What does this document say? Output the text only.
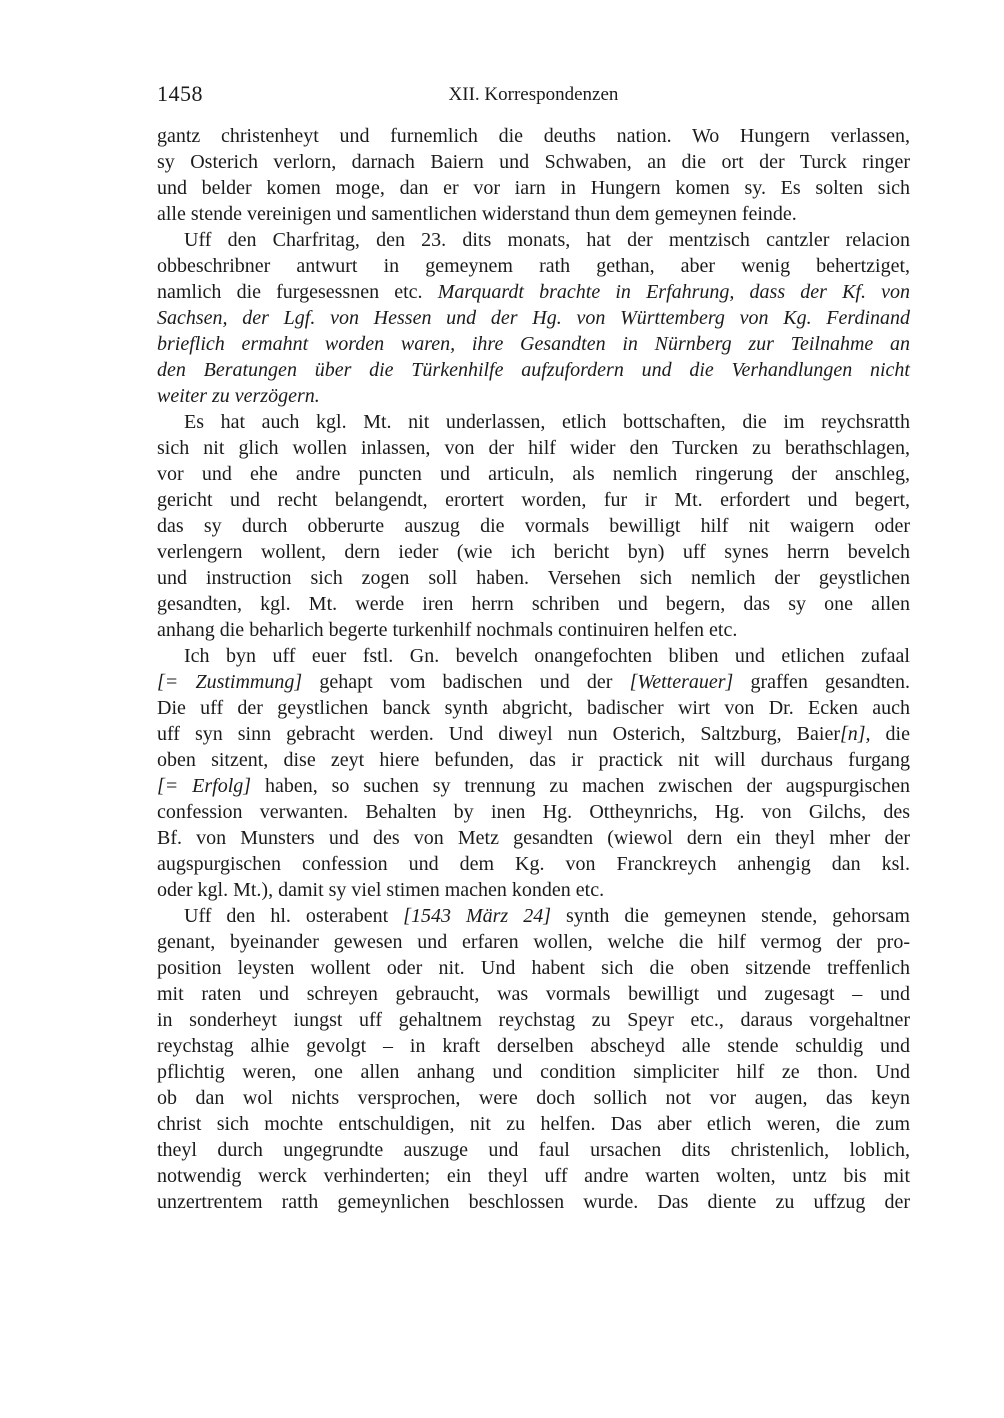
1458	XII. Korrespondenzen

gantz christenheyt und furnemlich die deuths nation. Wo Hungern verlassen,
sy Osterich verlorn, darnach Baiern und Schwaben, an die ort der Turck ringer
und belder komen moge, dan er vor iarn in Hungern komen sy. Es solten sich
alle stende vereinigen und samentlichen widerstand thun dem gemeynen feinde.

Uff den Charfritag, den 23. dits monats, hat der mentzisch cantzler relacion
obbeschribner antwurt in gemeynem rath gethan, aber wenig behertziget,
namlich die furgesessnen etc. Marquardt brachte in Erfahrung, dass der Kf. von
Sachsen, der Lgf. von Hessen und der Hg. von Württemberg von Kg. Ferdinand
brieflich ermahnt worden waren, ihre Gesandten in Nürnberg zur Teilnahme an
den Beratungen über die Türkenhilfe aufzufordern und die Verhandlungen nicht
weiter zu verzögern.

Es hat auch kgl. Mt. nit underlassen, etlich bottschaften, die im reychsratth
sich nit glich wollen inlassen, von der hilf wider den Turcken zu berathschlagen,
vor und ehe andre puncten und articuln, als nemlich ringerung der anschleg,
gericht und recht belangendt, erortert worden, fur ir Mt. erfordert und begert,
das sy durch obberurte auszug die vormals bewilligt hilf nit waigern oder
verlengern wollent, dern ieder (wie ich bericht byn) uff synes herrn bevelch
und instruction sich zogen soll haben. Versehen sich nemlich der geystlichen
gesandten, kgl. Mt. werde iren herrn schriben und begern, das sy one allen
anhang die beharlich begerte turkenhilf nochmals continuiren helfen etc.

Ich byn uff euer fstl. Gn. bevelch onangefochten bliben und etlichen zufaal
[= Zustimmung] gehapt vom badischen und der [Wetterauer] graffen gesandten.
Die uff der geystlichen banck synth abgricht, badischer wirt von Dr. Ecken auch
uff syn sinn gebracht werden. Und diweyl nun Osterich, Saltzburg, Baier[n], die
oben sitzent, dise zeyt hiere befunden, das ir practick nit will durchaus furgang
[= Erfolg] haben, so suchen sy trennung zu machen zwischen der augspurgischen
confession verwanten. Behalten by inen Hg. Ottheynrichs, Hg. von Gilchs, des
Bf. von Munsters und des von Metz gesandten (wiewol dern ein theyl mher der
augspurgischen confession und dem Kg. von Franckreych anhengig dan ksl.
oder kgl. Mt.), damit sy viel stimen machen konden etc.

Uff den hl. osterabent [1543 März 24] synth die gemeynen stende, gehorsam
genant, byeinander gewesen und erfaren wollen, welche die hilf vermog der pro-
position leysten wollent oder nit. Und habent sich die oben sitzende treffenlich
mit raten und schreyen gebraucht, was vormals bewilligt und zugesagt – und
in sonderheyt iungst uff gehaltnem reychstag zu Speyr etc., daraus vorgehaltner
reychstag alhie gevolgt – in kraft derselben abscheyd alle stende schuldig und
pflichtig weren, one allen anhang und condition simpliciter hilf ze thon. Und
ob dan wol nichts versprochen, were doch sollich not vor augen, das keyn
christ sich mochte entschuldigen, nit zu helfen. Das aber etlich weren, die zum
theyl durch ungegrundte auszuge und faul ursachen dits christenlich, loblich,
notwendig werck verhinderten; ein theyl uff andre warten wolten, untz bis mit
unzertrentem ratth gemeynlichen beschlossen wurde. Das diente zu uffzug der
